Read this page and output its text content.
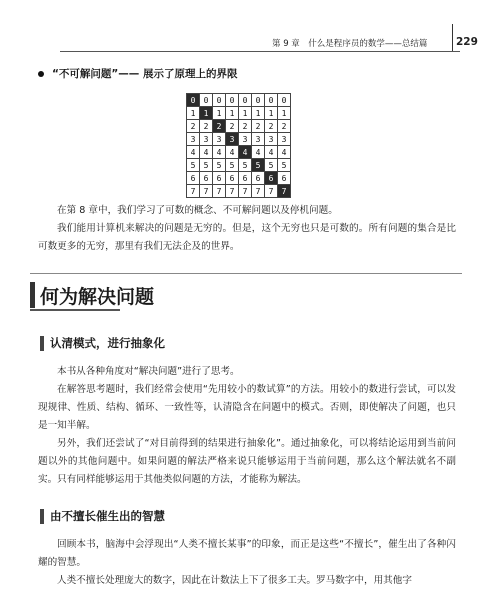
第 9 章　什么是程序员的数学——总结篇	229
“不可解问题”—— 展示了原理上的界限
0	0	0	0	0	0	0	0
1	1	1	1	1	1	1	1
2	2	2	2	2	2	2	2
3	3	3	3	3	3	3	3
4	4	4	4	4	4	4	4
5	5	5	5	5	5	5	5
6	6	6	6	6	6	6	6
7	7	7	7	7	7	7	7
在第 8 章中，我们学习了可数的概念、不可解问题以及停机问题。
我们能用计算机来解决的问题是无穷的。但是，这个无穷也只是可数的。所有问题的集合是比可数更多的无穷，那里有我们无法企及的世界。
何为解决问题
认清模式，进行抽象化
本书从各种角度对“解决问题”进行了思考。
在解答思考题时，我们经常会使用“先用较小的数试算”的方法。用较小的数进行尝试，可以发现规律、性质、结构、循环、一致性等，认清隐含在问题中的模式。否则，即使解决了问题，也只是一知半解。
另外，我们还尝试了“对目前得到的结果进行抽象化”。通过抽象化，可以将结论运用到当前问题以外的其他问题中。如果问题的解法严格来说只能够运用于当前问题，那么这个解法就名不副实。只有同样能够运用于其他类似问题的方法，才能称为解法。
由不擅长催生出的智慧
回顾本书，脑海中会浮现出“人类不擅长某事”的印象，而正是这些“不擅长”，催生出了各种闪耀的智慧。
人类不擅长处理庞大的数字，因此在计数法上下了很多工夫。罗马数字中，用其他字
